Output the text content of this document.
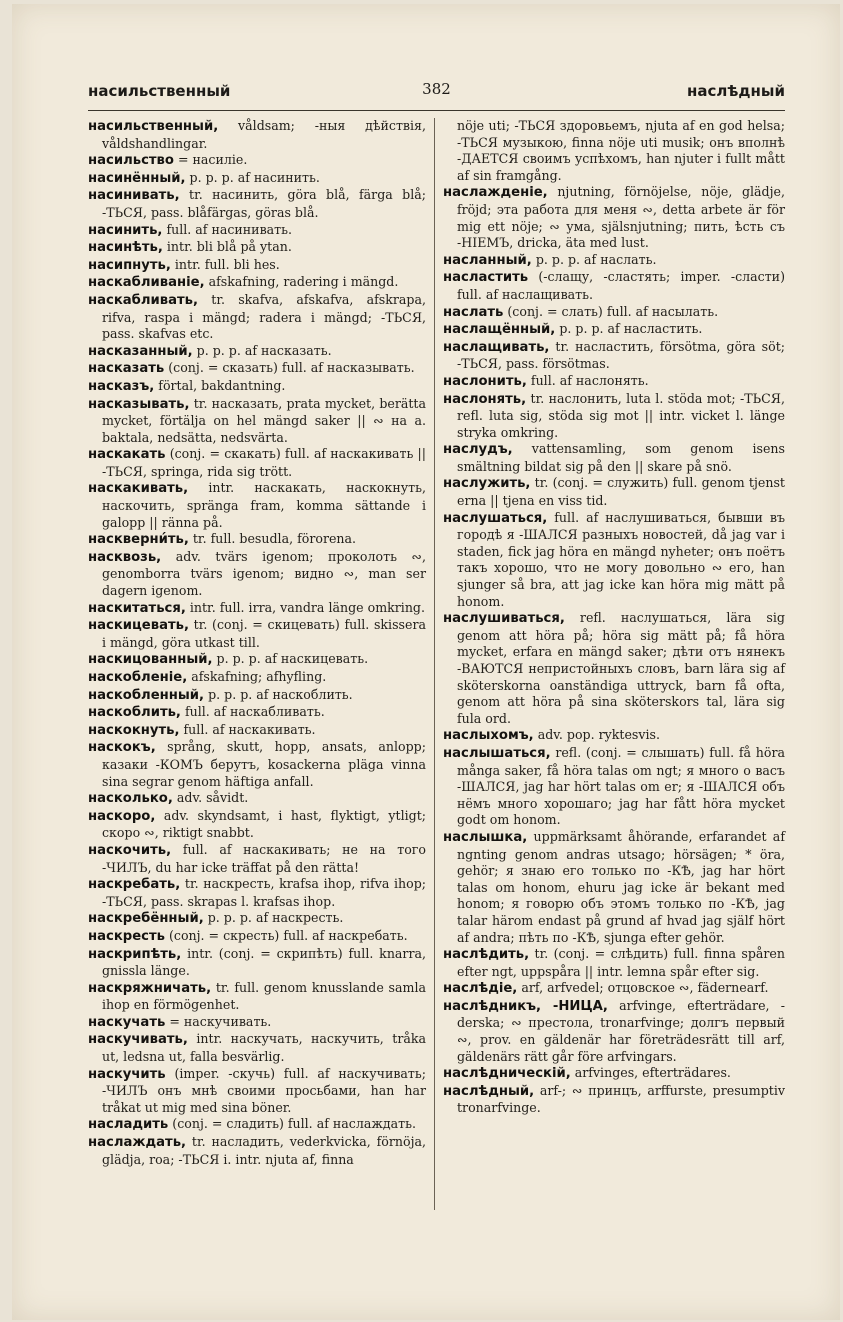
насильственный	382	наслѣдный

насильственный, våldsam; -ныя дѣйствія, våldshandlingar.

насильство = насиліе.

насинённый, p. p. p. af насинить.

насинивать, tr. насинить, göra blå, färga blå; -ТЬСЯ, pass. blåfärgas, göras blå.

насинить, full. af насинивать.

насинѣть, intr. bli blå på ytan.

насипнуть, intr. full. bli hes.

наскабливаніе, afskafning, radering i mängd.

наскабливать, tr. skafva, afskafva, afskrapa, rifva, raspa i mängd; radera i mängd; -ТЬСЯ, pass. skafvas etc.

насказанный, p. p. p. af насказать.

насказать (conj. = сказать) full. af насказывать.

насказъ, förtal, bakdantning.

насказывать, tr. насказать, prata mycket, berätta mycket, förtälja on hel mängd saker || ∾ на а. baktala, nedsätta, nedsvärta.

наскакать (conj. = скакать) full. af наскакивать || -ТЬСЯ, springa, rida sig trött.

наскакивать, intr. наскакать, наскокнуть, наскочить, spränga fram, komma sättande i galopp || ränna på.

наскверни́ть, tr. full. besudla, förorena.

насквозь, adv. tvärs igenom; проколоть ∾, genomborra tvärs igenom; видно ∾, man ser dagern igenom.

наскитаться, intr. full. irra, vandra länge omkring.

наскицевать, tr. (conj. = скицевать) full. skissera i mängd, göra utkast till.

наскицованный, p. p. p. af наскицевать.

наскобленіе, afskafning; afhyfling.

наскобленный, p. p. p. af наскоблить.

наскоблить, full. af наскабливать.

наскокнуть, full. af наскакивать.

наскокъ, språng, skutt, hopp, ansats, anlopp; казаки -КОМЪ берутъ, kosackerna pläga vinna sina segrar genom häftiga anfall.

насколько, adv. såvidt.

наскоро, adv. skyndsamt, i hast, flyktigt, ytligt; скоро ∾, riktigt snabbt.

наскочить, full. af наскакивать; не на того -ЧИЛЪ, du har icke träffat på den rätta!

наскребать, tr. наскресть, krafsa ihop, rifva ihop; -ТЬСЯ, pass. skrapas l. krafsas ihop.

наскребённый, p. p. p. af наскресть.

наскресть (conj. = скресть) full. af наскребать.

наскрипѣть, intr. (conj. = скрипѣть) full. knarra, gnissla länge.

наскряжничать, tr. full. genom knusslande samla ihop en förmögenhet.

наскучать = наскучивать.

наскучивать, intr. наскучать, наскучить, tråka ut, ledsna ut, falla besvärlig.

наскучить (imper. -скучь) full. af наскучивать; -ЧИЛЪ онъ мнѣ своими просьбами, han har tråkat ut mig med sina böner.

насладить (conj. = сладить) full. af наслаждать.

наслаждать, tr. насладить, vederkvicka, förnöja, glädja, roa; -ТЬСЯ i. intr. njuta af, finna

nöje uti; -ТЬСЯ здоровьемъ, njuta af en god helsa; -ТЬСЯ музыкою, finna nöje uti musik; онъ вполнѣ -ДАЕТСЯ своимъ успѣхомъ, han njuter i fullt mått af sin framgång.

наслажденіе, njutning, förnöjelse, nöje, glädje, fröjd; эта работа для меня ∾, detta arbete är för mig ett nöje; ∾ ума, själsnjutning; пить, ѣсть съ -НІЕМЪ, dricka, äta med lust.

насланный, p. p. p. af наслать.

насластить (-слащу, -сластять; imper. -сласти) full. af наслащивать.

наслать (conj. = слать) full. af насылать.

наслащённый, p. p. p. af насластить.

наслащивать, tr. насластить, försötma, göra söt; -ТЬСЯ, pass. försötmas.

наслонить, full. af наслонять.

наслонять, tr. наслонить, luta l. stöda mot; -ТЬСЯ, refl. luta sig, stöda sig mot || intr. vicket l. länge stryka omkring.

наслудъ, vattensamling, som genom isens smältning bildat sig på den || skare på snö.

наслужить, tr. (conj. = служить) full. genom tjenst erna || tjena en viss tid.

наслушаться, full. af наслушиваться, бывши въ городѣ я -ШАЛСЯ разныхъ новостей, då jag var i staden, fick jag höra en mängd nyheter; онъ поётъ такъ хорошо, что не могу довольно ∾ его, han sjunger så bra, att jag icke kan höra mig mätt på honom.

наслушиваться, refl. наслушаться, lära sig genom att höra på; höra sig mätt på; få höra mycket, erfara en mängd saker; дѣти отъ нянекъ -ВАЮТСЯ непристойныхъ словъ, barn lära sig af sköterskorna oanständiga uttryck, barn få ofta, genom att höra på sina sköterskors tal, lära sig fula ord.

наслыхомъ, adv. pop. ryktesvis.

наслышаться, refl. (conj. = слышать) full. få höra många saker, få höra talas om ngt; я много о васъ -ШАЛСЯ, jag har hört talas om er; я -ШАЛСЯ объ нёмъ много хорошаго; jag har fått höra mycket godt om honom.

наслышка, uppmärksamt åhörande, erfarandet af ngnting genom andras utsago; hörsägen; * öra, gehör; я знаю его только по -КѢ, jag har hört talas om honom, ehuru jag icke är bekant med honom; я говорю объ этомъ только по -КѢ, jag talar härom endast på grund af hvad jag själf hört af andra; пѣть по -КѢ, sjunga efter gehör.

наслѣдить, tr. (conj. = слѣдить) full. finna spåren efter ngt, uppspåra || intr. lemna spår efter sig.

наслѣдіе, arf, arfvedel; отцовское ∾, fädernearf.

наслѣдникъ, -НИЦА, arfvinge, efterträdare, -derska; ∾ престола, tronarfvinge; долгъ первый ∾, prov. en gäldenär har företrädesrätt till arf, gäldenärs rätt går före arfvingars.

наслѣдническій, arfvinges, efterträdares.

наслѣдный, arf-; ∾ принцъ, arffurste, presumptiv tronarfvinge.
